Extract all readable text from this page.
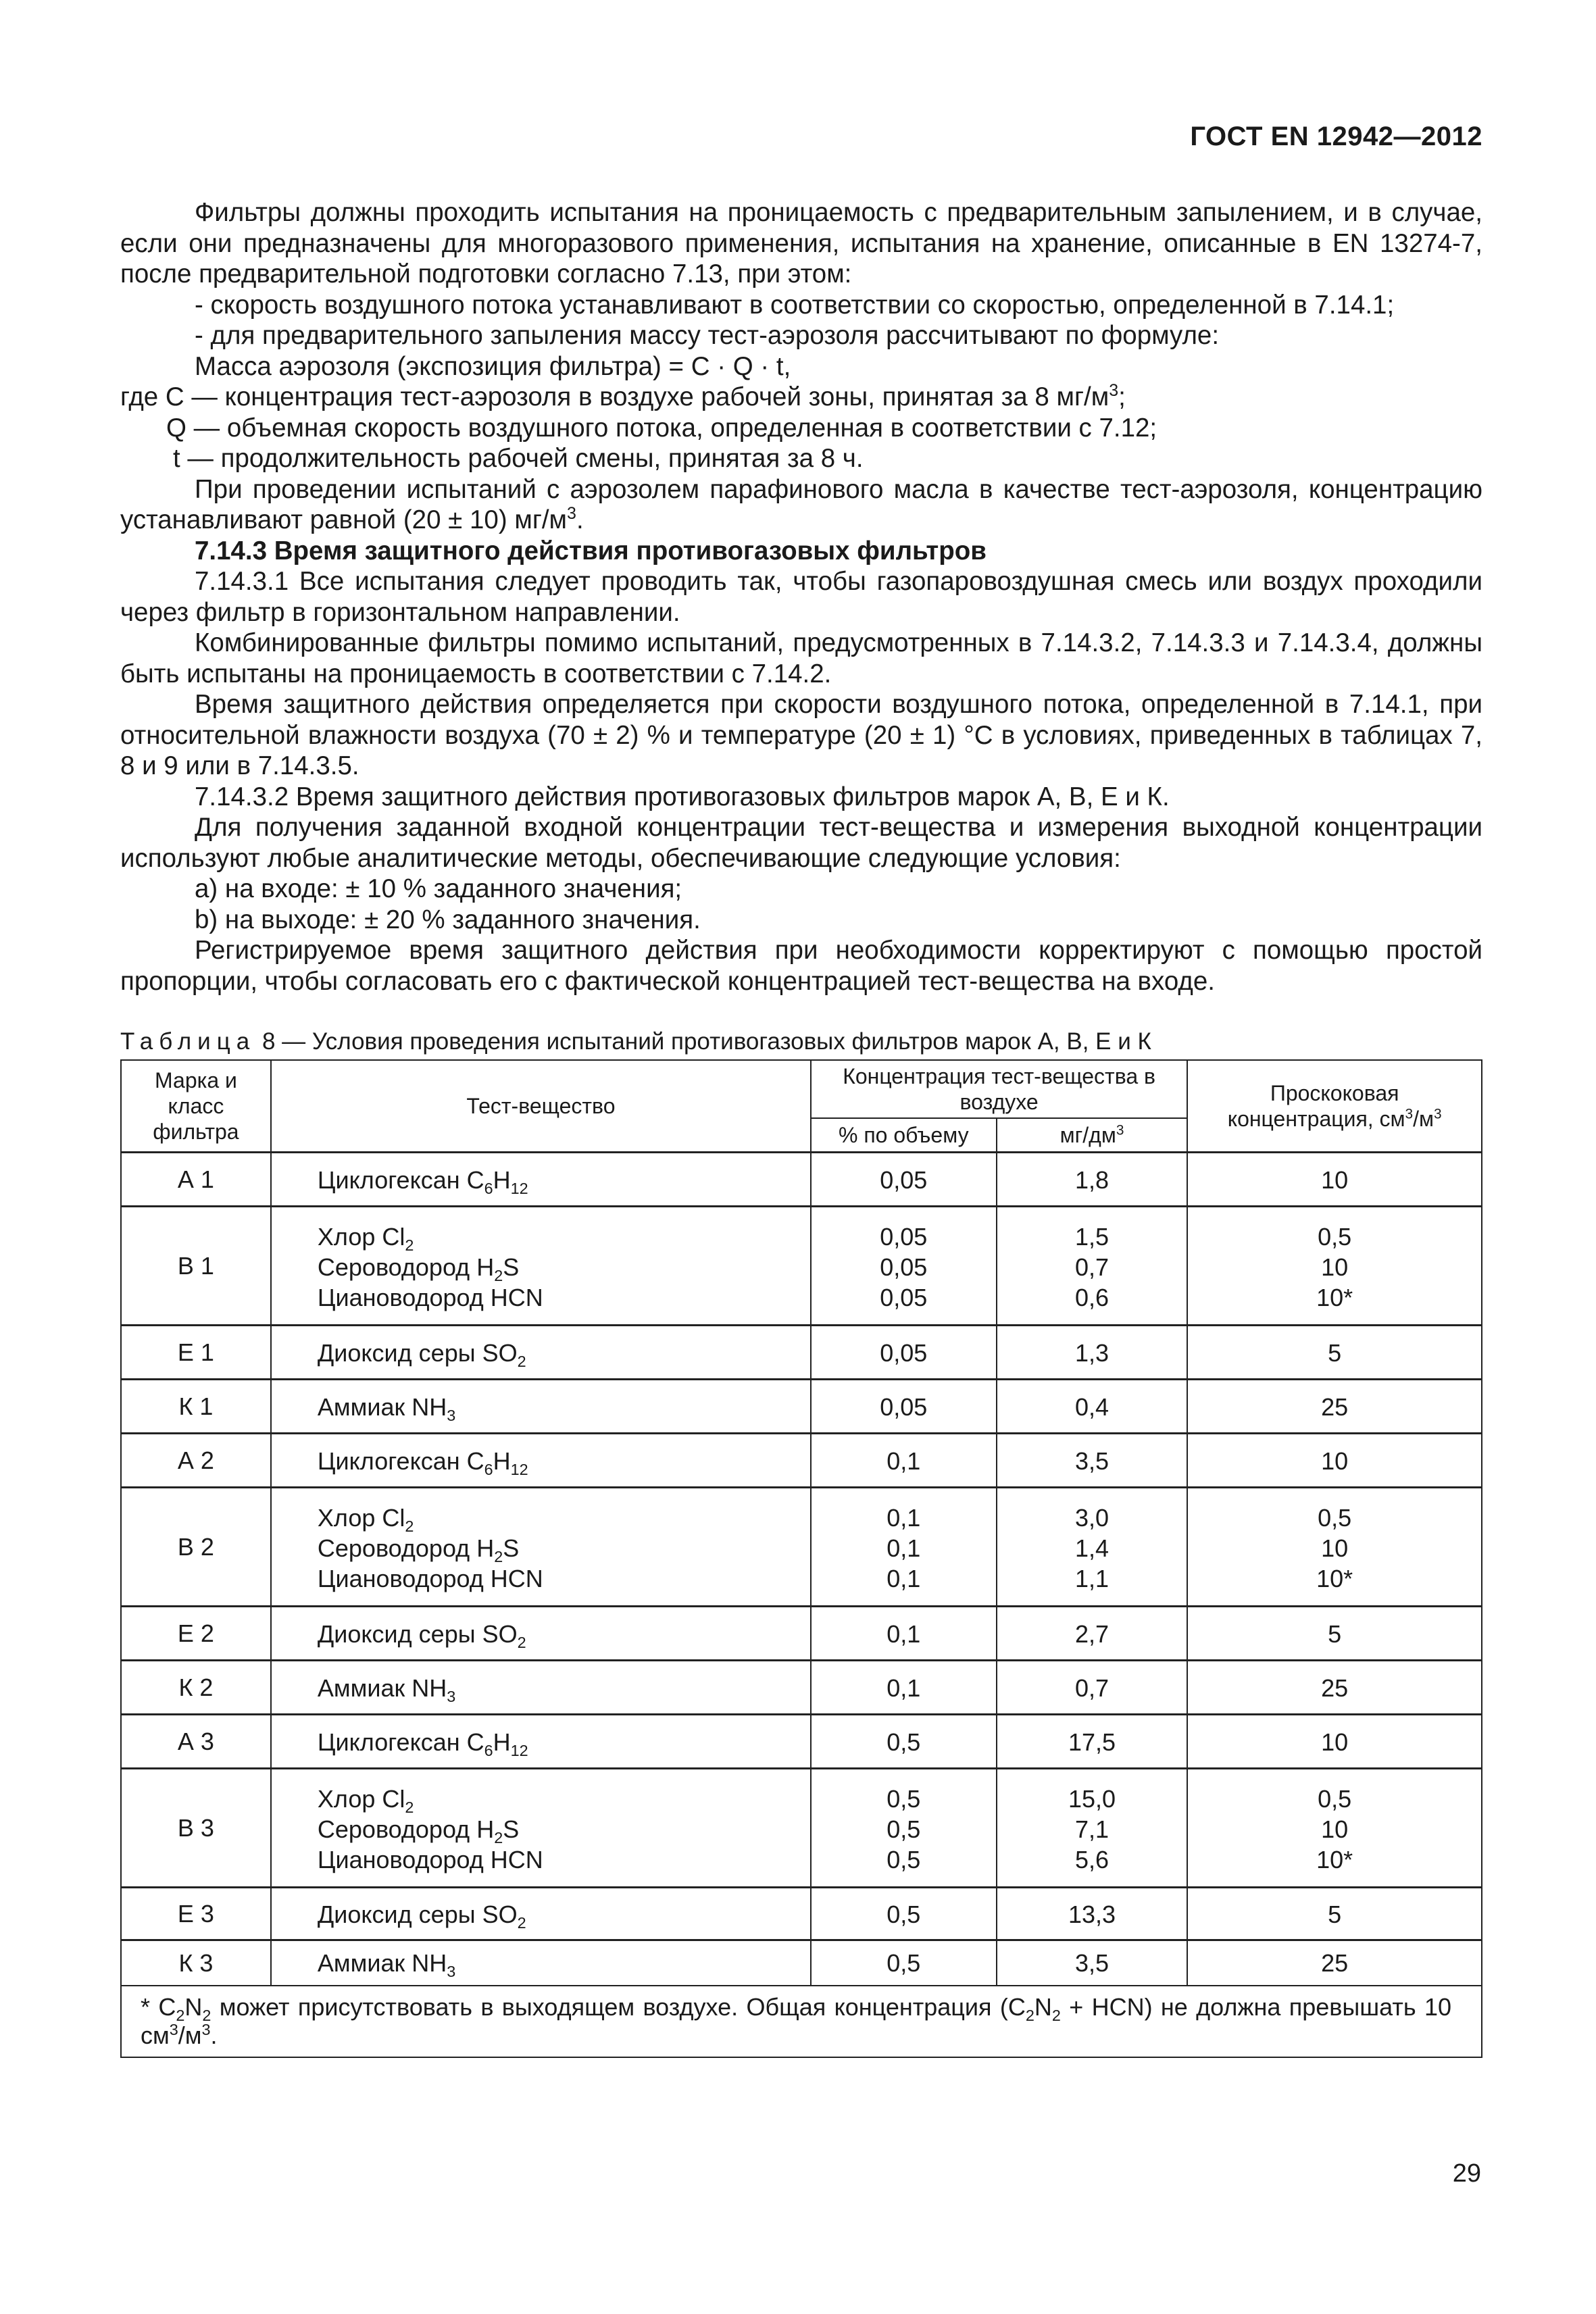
ГОСТ EN 12942—2012

Фильтры должны проходить испытания на проницаемость с предварительным запылением, и в случае, если они предназначены для многоразового применения, испытания на хранение, описанные в EN 13274-7, после предварительной подготовки согласно 7.13, при этом:

- скорость воздушного потока устанавливают в соответствии со скоростью, определенной в 7.14.1;

- для предварительного запыления массу тест-аэрозоля рассчитывают по формуле:

Масса аэрозоля (экспозиция фильтра) = C · Q · t,

где C — концентрация тест-аэрозоля в воздухе рабочей зоны, принятая за 8 $мг/м^3$;

Q — объемная скорость воздушного потока, определенная в соответствии с 7.12;

t — продолжительность рабочей смены, принятая за 8 ч.

При проведении испытаний с аэрозолем парафинового масла в качестве тест-аэрозоля, концентрацию устанавливают равной (20 ± 10) $мг/м^3$.

7.14.3 Время защитного действия противогазовых фильтров

7.14.3.1 Все испытания следует проводить так, чтобы газопаровоздушная смесь или воздух проходили через фильтр в горизонтальном направлении.

Комбинированные фильтры помимо испытаний, предусмотренных в 7.14.3.2, 7.14.3.3 и 7.14.3.4, должны быть испытаны на проницаемость в соответствии с 7.14.2.

Время защитного действия определяется при скорости воздушного потока, определенной в 7.14.1, при относительной влажности воздуха (70 ± 2) % и температуре (20 ± 1) °С в условиях, приведенных в таблицах 7, 8 и 9 или в 7.14.3.5.

7.14.3.2 Время защитного действия противогазовых фильтров марок А, В, Е и К.

Для получения заданной входной концентрации тест-вещества и измерения выходной концентрации используют любые аналитические методы, обеспечивающие следующие условия:

а) на входе: ± 10 % заданного значения;

b) на выходе: ± 20 % заданного значения.

Регистрируемое время защитного действия при необходимости корректируют с помощью простой пропорции, чтобы согласовать его с фактической концентрацией тест-вещества на входе.

Таблица 8 — Условия проведения испытаний противогазовых фильтров марок А, В, Е и К
Марка и класс фильтра	Тест-вещество	Концентрация тест-вещества в воздухе		Проскоковая концентрация, $см^3/м^3$
		% по объему	$мг/дм^3$
А 1	Циклогексан $C_6H_{12}$	0,05	1,8	10

В 1	Хлор $Cl_2$
Сероводород $H_2S$
Циановодород HCN	0,05
0,05
0,05	1,5
0,7
0,6	0,5
10
10*

Е 1	Диоксид серы $SO_2$	0,05	1,3	5

К 1	Аммиак $NH_3$	0,05	0,4	25

А 2	Циклогексан $C_6H_{12}$	0,1	3,5	10

В 2	Хлор $Cl_2$
Сероводород $H_2S$
Циановодород HCN	0,1
0,1
0,1	3,0
1,4
1,1	0,5
10
10*

Е 2	Диоксид серы $SO_2$	0,1	2,7	5

К 2	Аммиак $NH_3$	0,1	0,7	25

А 3	Циклогексан $C_6H_{12}$	0,5	17,5	10

В 3	Хлор $Cl_2$
Сероводород $H_2S$
Циановодород HCN	0,5
0,5
0,5	15,0
7,1
5,6	0,5
10
10*

Е 3	Диоксид серы $SO_2$	0,5	13,3	5

К 3	Аммиак $NH_3$	0,5	3,5	25

* $C_2N_2$ может присутствовать в выходящем воздухе. Общая концентрация $(C_2N_2 + HCN)$ не должна превышать 10 $см^3/м^3$.				
29
